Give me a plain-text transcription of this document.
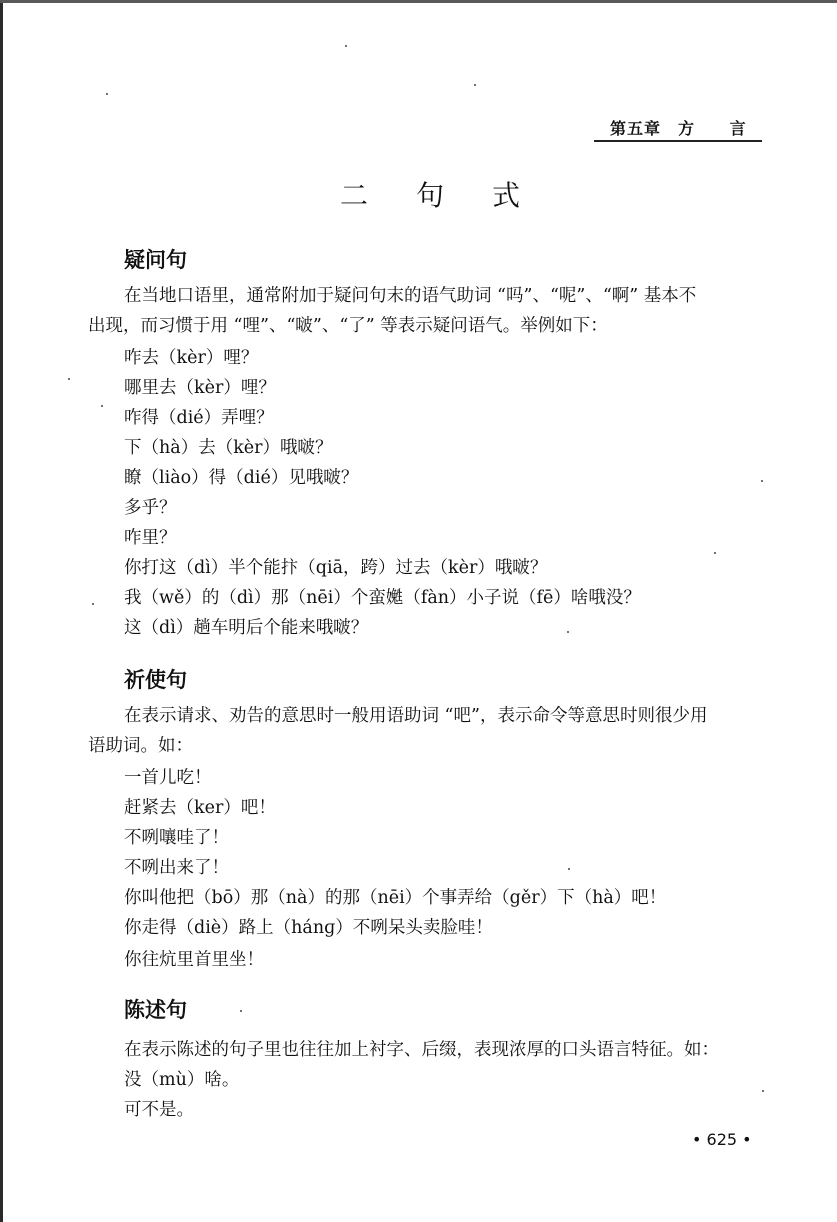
第五章 方 言
二句式
疑问句
在当地口语里，通常附加于疑问句末的语气助词 “吗”、“呢”、“啊” 基本不
出现，而习惯于用 “哩”、“啵”、“了” 等表示疑问语气。举例如下：
咋去（kèr）哩？
哪里去（kèr）哩？
咋得（dié）弄哩？
下（hà）去（kèr）哦啵？
瞭（liào）得（dié）见哦啵？
多乎？
咋里？
你打这（dì）半个能抃（qiā，跨）过去（kèr）哦啵？
我（wě）的（dì）那（nēi）个蛮嬔（fàn）小子说（fē）啥哦没？
这（dì）趟车明后个能来哦啵？
祈使句
在表示请求、劝告的意思时一般用语助词 “吧”，表示命令等意思时则很少用
语助词。如：
一首儿吃！
赶紧去（ker）吧！
不咧嚷哇了！
不咧出来了！
你叫他把（bō）那（nà）的那（nēi）个事弄给（gěr）下（hà）吧！
你走得（diè）路上（hánɡ）不咧呆头卖脸哇！
你往炕里首里坐！
陈述句
在表示陈述的句子里也往往加上衬字、后缀，表现浓厚的口头语言特征。如：
没（mù）啥。
可不是。
• 625 •
